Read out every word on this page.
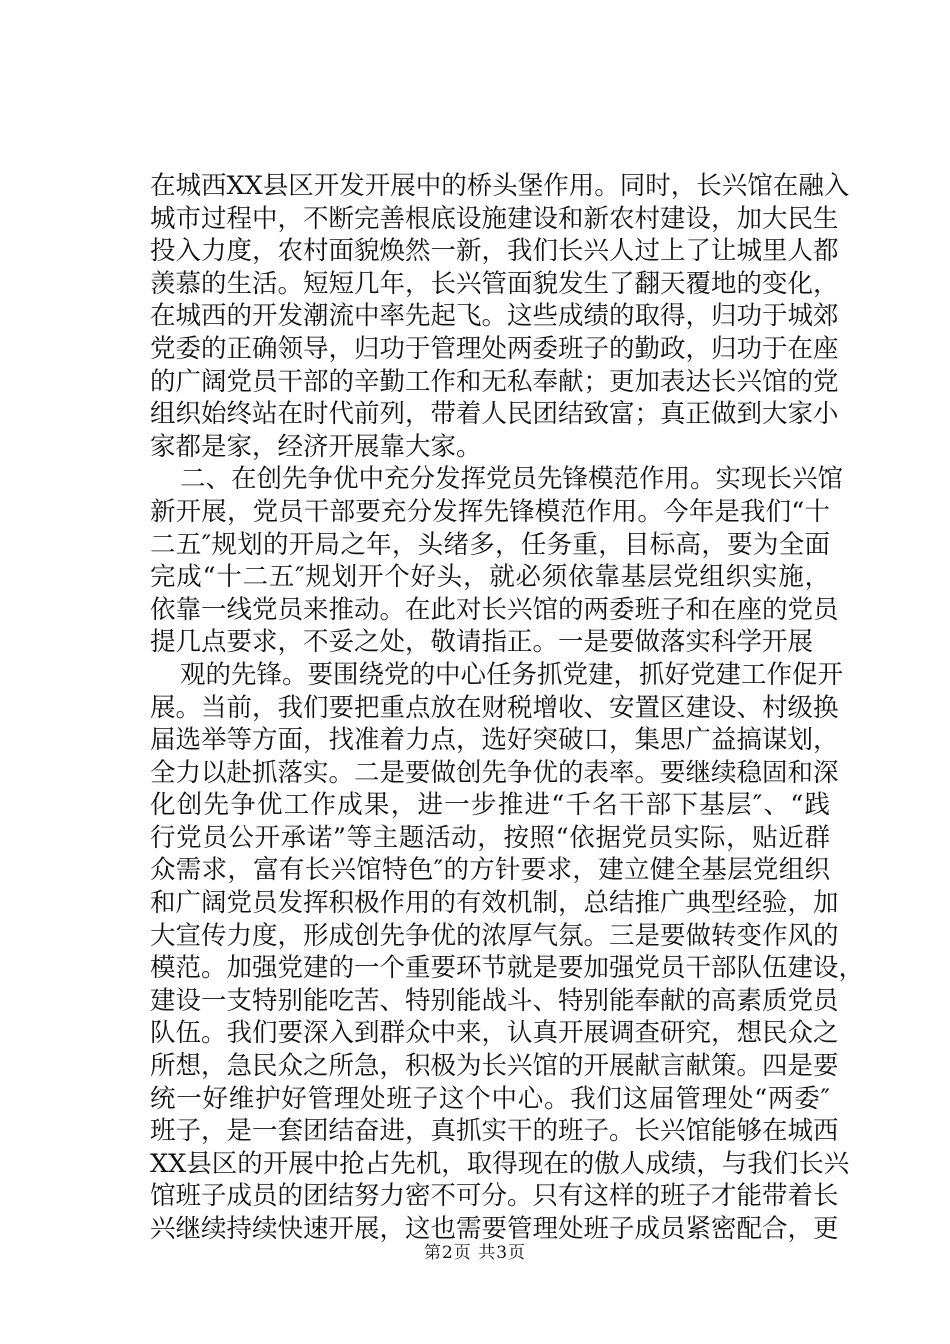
在城西XX县区开发开展中的桥头堡作用。同时，长兴馆在融入
城市过程中，不断完善根底设施建设和新农村建设，加大民生
投入力度，农村面貌焕然一新，我们长兴人过上了让城里人都
羡慕的生活。短短几年，长兴管面貌发生了翻天覆地的变化，
在城西的开发潮流中率先起飞。这些成绩的取得，归功于城郊
党委的正确领导，归功于管理处两委班子的勤政，归功于在座
的广阔党员干部的辛勤工作和无私奉献；更加表达长兴馆的党
组织始终站在时代前列，带着人民团结致富；真正做到大家小
家都是家，经济开展靠大家。
二、在创先争优中充分发挥党员先锋模范作用。实现长兴馆
新开展，党员干部要充分发挥先锋模范作用。今年是我们“十
二五″规划的开局之年，头绪多，任务重，目标高，要为全面
完成“十二五″规划开个好头，就必须依靠基层党组织实施，
依靠一线党员来推动。在此对长兴馆的两委班子和在座的党员
提几点要求，不妥之处，敬请指正。一是要做落实科学开展
观的先锋。要围绕党的中心任务抓党建，抓好党建工作促开
展。当前，我们要把重点放在财税增收、安置区建设、村级换
届选举等方面，找准着力点，选好突破口，集思广益搞谋划，
全力以赴抓落实。二是要做创先争优的表率。要继续稳固和深
化创先争优工作成果，进一步推进“千名干部下基层″、“践
行党员公开承诺”等主题活动，按照“依据党员实际，贴近群
众需求，富有长兴馆特色″的方针要求，建立健全基层党组织
和广阔党员发挥积极作用的有效机制，总结推广典型经验，加
大宣传力度，形成创先争优的浓厚气氛。三是要做转变作风的
模范。加强党建的一个重要环节就是要加强党员干部队伍建设，
建设一支特别能吃苦、特别能战斗、特别能奉献的高素质党员
队伍。我们要深入到群众中来，认真开展调查研究，想民众之
所想，急民众之所急，积极为长兴馆的开展献言献策。四是要
统一好维护好管理处班子这个中心。我们这届管理处“两委″
班子，是一套团结奋进，真抓实干的班子。长兴馆能够在城西
XX县区的开展中抢占先机，取得现在的傲人成绩，与我们长兴
馆班子成员的团结努力密不可分。只有这样的班子才能带着长
兴继续持续快速开展，这也需要管理处班子成员紧密配合，更
第2页 共3页
